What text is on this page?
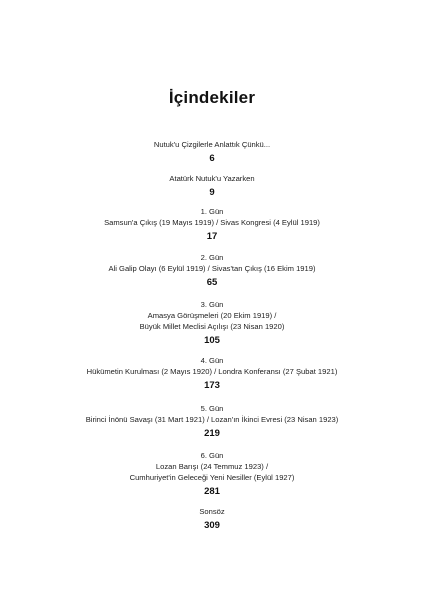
İçindekiler
Nutuk'u Çizgilerle Anlattık Çünkü...
6
Atatürk Nutuk'u Yazarken
9
1. Gün
Samsun'a Çıkış (19 Mayıs 1919) / Sivas Kongresi (4 Eylül 1919)
17
2. Gün
Ali Galip Olayı (6 Eylül 1919) / Sivas'tan Çıkış (16 Ekim 1919)
65
3. Gün
Amasya Görüşmeleri (20 Ekim 1919) /
Büyük Millet Meclisi Açılışı (23 Nisan 1920)
105
4. Gün
Hükümetin Kurulması (2 Mayıs 1920) / Londra Konferansı (27 Şubat 1921)
173
5. Gün
Birinci İnönü Savaşı (31 Mart 1921) / Lozan'ın İkinci Evresi (23 Nisan 1923)
219
6. Gün
Lozan Barışı (24 Temmuz 1923) /
Cumhuriyet'in Geleceği Yeni Nesiller (Eylül 1927)
281
Sonsöz
309
